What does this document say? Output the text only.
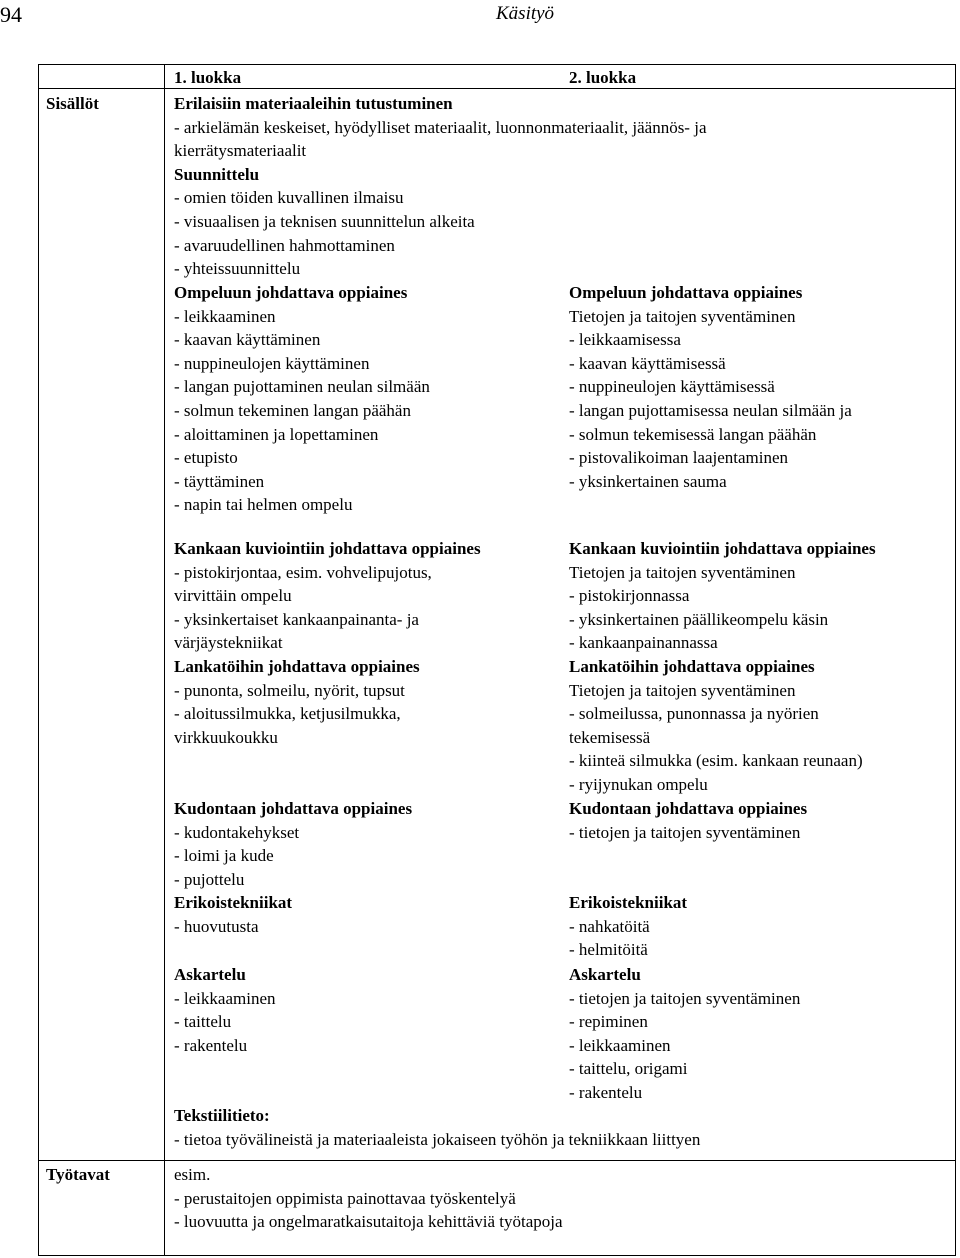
94	Käsityö
1. luokka	2. luokka
Sisällöt
Työtavat
Erilaisiin materiaaleihin tutustuminen
- arkielämän keskeiset, hyödylliset materiaalit, luonnonmateriaalit, jäännös- ja
kierrätysmateriaalit
Suunnittelu
- omien töiden kuvallinen ilmaisu
- visuaalisen ja teknisen suunnittelun alkeita
- avaruudellinen hahmottaminen
- yhteissuunnittelu
Ompeluun johdattava oppiaines
- leikkaaminen
- kaavan käyttäminen
- nuppineulojen käyttäminen
- langan pujottaminen neulan silmään
- solmun tekeminen langan päähän
- aloittaminen ja lopettaminen
- etupisto
- täyttäminen
- napin tai helmen ompelu
Ompeluun johdattava oppiaines
Tietojen ja taitojen syventäminen
- leikkaamisessa
- kaavan käyttämisessä
- nuppineulojen käyttämisessä
- langan pujottamisessa neulan silmään ja
- solmun tekemisessä langan päähän
- pistovalikoiman laajentaminen
- yksinkertainen sauma
Kankaan kuviointiin johdattava oppiaines
- pistokirjontaa, esim. vohvelipujotus,
virvittäin ompelu
- yksinkertaiset kankaanpainanta- ja
värjäystekniikat
Lankatöihin johdattava oppiaines
- punonta, solmeilu, nyörit, tupsut
- aloitussilmukka, ketjusilmukka,
virkkuukoukku
Kankaan kuviointiin johdattava oppiaines
Tietojen ja taitojen syventäminen
- pistokirjonnassa
- yksinkertainen päällikeompelu käsin
- kankaanpainannassa
Lankatöihin johdattava oppiaines
Tietojen ja taitojen syventäminen
- solmeilussa, punonnassa ja nyörien
tekemisessä
- kiinteä silmukka (esim. kankaan reunaan)
- ryijynukan ompelu
Kudontaan johdattava oppiaines
- kudontakehykset
- loimi ja kude
- pujottelu
Erikoistekniikat
- huovutusta
Kudontaan johdattava oppiaines
- tietojen ja taitojen syventäminen
Erikoistekniikat
- nahkatöitä
- helmitöitä
Askartelu
- leikkaaminen
- taittelu
- rakentelu
Askartelu
- tietojen ja taitojen syventäminen
- repiminen
- leikkaaminen
- taittelu, origami
- rakentelu
Tekstiilitieto:
- tietoa työvälineistä ja materiaaleista jokaiseen työhön ja tekniikkaan liittyen
esim.
- perustaitojen oppimista painottavaa työskentelyä
- luovuutta ja ongelmaratkaisutaitoja kehittäviä työtapoja
